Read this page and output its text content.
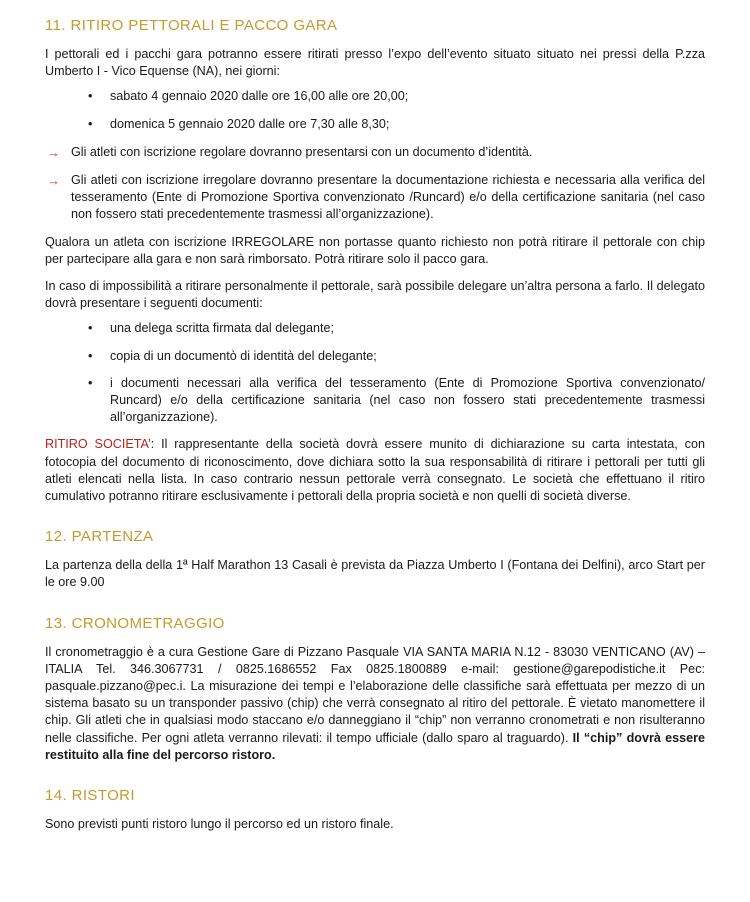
11. RITIRO PETTORALI E PACCO GARA

I pettorali ed i pacchi gara potranno essere ritirati presso l’expo dell’evento situato situato nei pressi della P.zza Umberto I - Vico Equense (NA), nei giorni:

• sabato 4 gennaio 2020 dalle ore 16,00 alle ore 20,00;
• domenica 5 gennaio 2020 dalle ore 7,30 alle 8,30;
→ Gli atleti con iscrizione regolare dovranno presentarsi con un documento d’identità.
→ Gli atleti con iscrizione irregolare dovranno presentare la documentazione richiesta e necessaria alla verifica del tesseramento (Ente di Promozione Sportiva convenzionato /Runcard) e/o della certificazione sanitaria (nel caso non fossero stati precedentemente trasmessi all’organizzazione).

Qualora un atleta con iscrizione IRREGOLARE non portasse quanto richiesto non potrà ritirare il pettorale con chip per partecipare alla gara e non sarà rimborsato. Potrà ritirare solo il pacco gara.

In caso di impossibilità a ritirare personalmente il pettorale, sarà possibile delegare un’altra persona a farlo. Il delegato dovrà presentare i seguenti documenti:

• una delega scritta firmata dal delegante;
• copia di un documentò di identità del delegante;
• i documenti necessari alla verifica del tesseramento (Ente di Promozione Sportiva convenzionato/ Runcard) e/o della certificazione sanitaria (nel caso non fossero stati precedentemente trasmessi all’organizzazione).

RITIRO SOCIETA’: Il rappresentante della società dovrà essere munito di dichiarazione su carta intestata, con fotocopia del documento di riconoscimento, dove dichiara sotto la sua responsabilità di ritirare i pettorali per tutti gli atleti elencati nella lista. In caso contrario nessun pettorale verrà consegnato. Le società che effettuano il ritiro cumulativo potranno ritirare esclusivamente i pettorali della propria società e non quelli di società diverse.

12. PARTENZA

La partenza della della 1ª Half Marathon 13 Casali è prevista da Piazza Umberto I (Fontana dei Delfini), arco Start per le ore 9.00

13. CRONOMETRAGGIO

Il cronometraggio è a cura Gestione Gare di Pizzano Pasquale VIA SANTA MARIA N.12 - 83030 VENTICANO (AV) – ITALIA Tel. 346.3067731 / 0825.1686552 Fax 0825.1800889 e-mail: gestione@garepodistiche.it Pec: pasquale.pizzano@pec.i. La misurazione dei tempi e l’elaborazione delle classifiche sarà effettuata per mezzo di un sistema basato su un transponder passivo (chip) che verrà consegnato al ritiro del pettorale. È vietato manomettere il chip. Gli atleti che in qualsiasi modo staccano e/o danneggiano il “chip” non verranno cronometrati e non risulteranno nelle classifiche. Per ogni atleta verranno rilevati: il tempo ufficiale (dallo sparo al traguardo). Il “chip” dovrà essere restituito alla fine del percorso ristoro.

14. RISTORI

Sono previsti punti ristoro lungo il percorso ed un ristoro finale.
